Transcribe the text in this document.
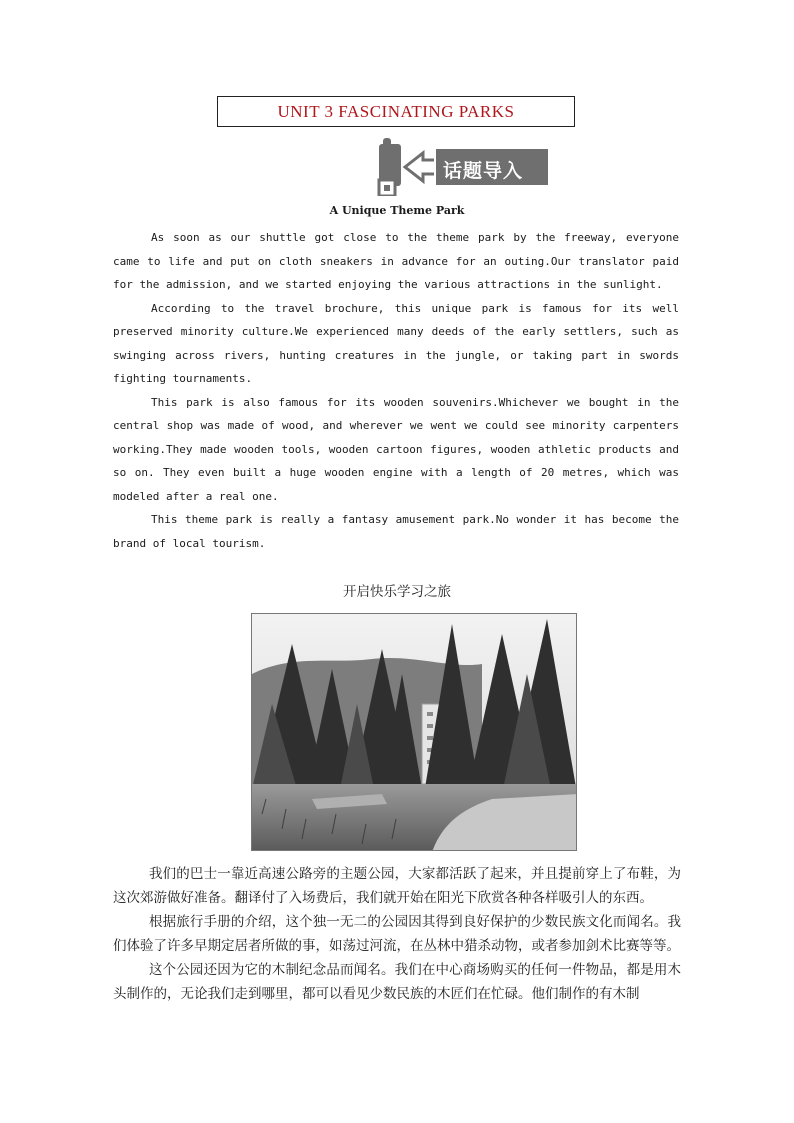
UNIT 3 FASCINATING PARKS
话题导入
A Unique Theme Park

As soon as our shuttle got close to the theme park by the freeway, everyone came to life and put on cloth sneakers in advance for an outing.Our translator paid for the admission, and we started enjoying the various attractions in the sunlight.

According to the travel brochure, this unique park is famous for its well preserved minority culture.We experienced many deeds of the early settlers, such as swinging across rivers, hunting creatures in the jungle, or taking part in swords fighting tournaments.

This park is also famous for its wooden souvenirs.Whichever we bought in the central shop was made of wood, and wherever we went we could see minority carpenters working.They made wooden tools, wooden cartoon figures, wooden athletic products and so on. They even built a huge wooden engine with a length of 20 metres, which was modeled after a real one.

This theme park is really a fantasy amusement park.No wonder it has become the brand of local tourism.

开启快乐学习之旅

我们的巴士一靠近高速公路旁的主题公园，大家都活跃了起来，并且提前穿上了布鞋，为这次郊游做好准备。翻译付了入场费后，我们就开始在阳光下欣赏各种各样吸引人的东西。

根据旅行手册的介绍，这个独一无二的公园因其得到良好保护的少数民族文化而闻名。我们体验了许多早期定居者所做的事，如荡过河流，在丛林中猎杀动物，或者参加剑术比赛等等。

这个公园还因为它的木制纪念品而闻名。我们在中心商场购买的任何一件物品，都是用木头制作的，无论我们走到哪里，都可以看见少数民族的木匠们在忙碌。他们制作的有木制
